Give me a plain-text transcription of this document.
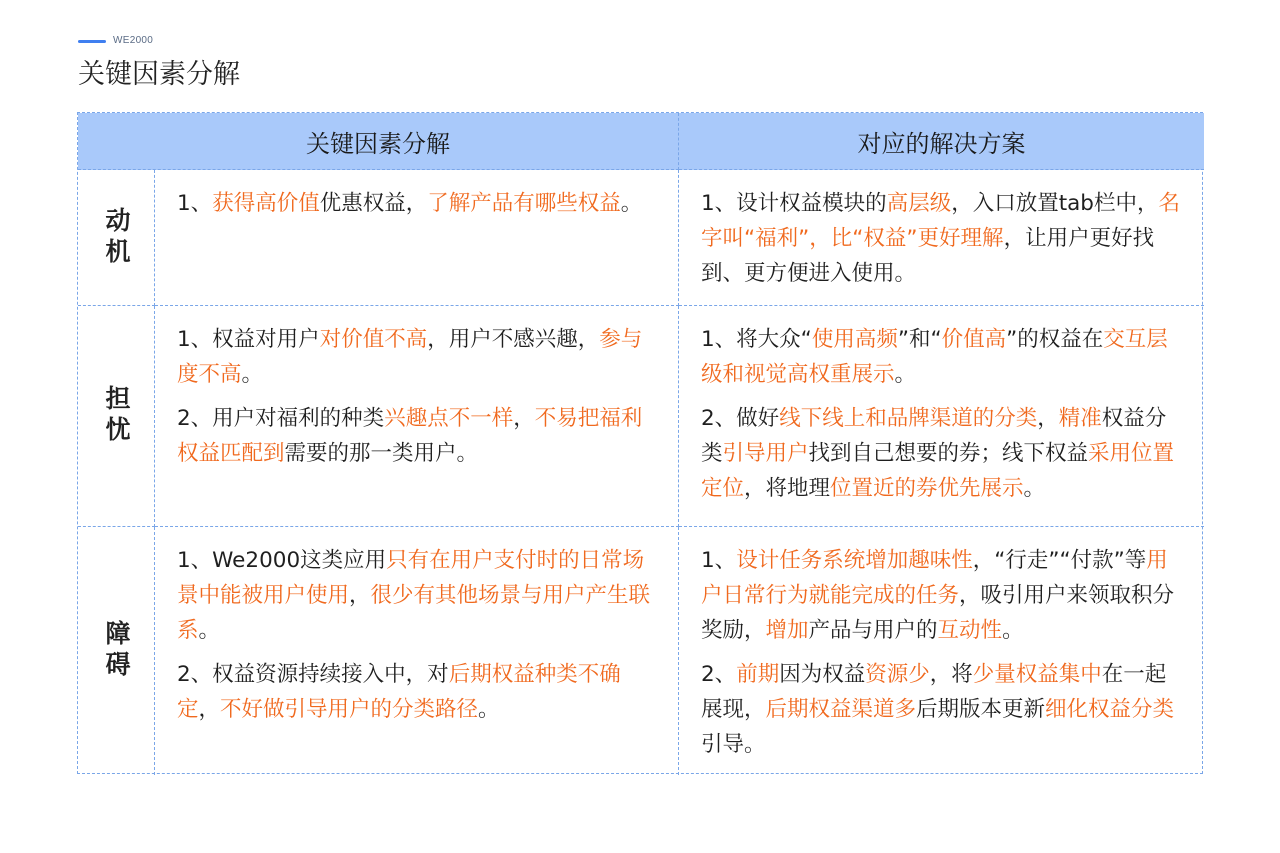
WE2000
关键因素分解
关键因素分解	对应的解决方案
动机

1、获得高价值优惠权益，了解产品有哪些权益。	1、设计权益模块的高层级，入口放置tab栏中，名字叫“福利”，比“权益”更好理解，让用户更好找到、更方便进入使用。

担忧

1、权益对用户对价值不高，用户不感兴趣，参与度不高。

2、用户对福利的种类兴趣点不一样，不易把福利权益匹配到需要的那一类用户。

1、将大众“使用高频”和“价值高”的权益在交互层级和视觉高权重展示。

2、做好线下线上和品牌渠道的分类，精准权益分类引导用户找到自己想要的券；线下权益采用位置定位，将地理位置近的券优先展示。

障碍

1、We2000这类应用只有在用户支付时的日常场景中能被用户使用，很少有其他场景与用户产生联系。

2、权益资源持续接入中，对后期权益种类不确定，不好做引导用户的分类路径。

1、设计任务系统增加趣味性，“行走”“付款”等用户日常行为就能完成的任务，吸引用户来领取积分奖励，增加产品与用户的互动性。

2、前期因为权益资源少，将少量权益集中在一起展现，后期权益渠道多后期版本更新细化权益分类引导。
